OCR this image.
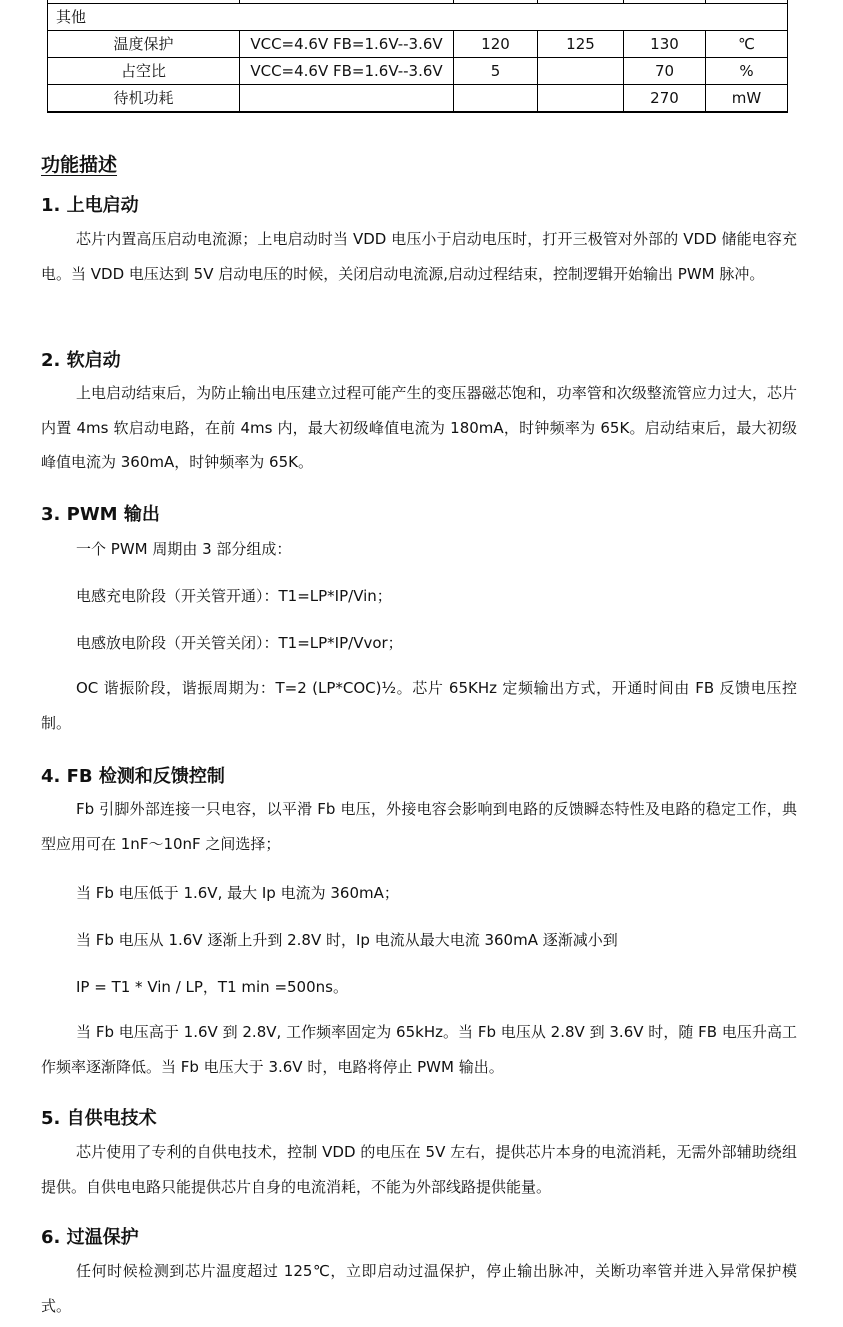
其他					
温度保护	VCC=4.6V FB=1.6V--3.6V	120	125	130	℃
占空比	VCC=4.6V FB=1.6V--3.6V	5		70	%
待机功耗				270	mW
功能描述
1. 上电启动

芯片内置高压启动电流源；上电启动时当 VDD 电压小于启动电压时，打开三极管对外部的 VDD 储能电容充电。当 VDD 电压达到 5V 启动电压的时候，关闭启动电流源,启动过程结束，控制逻辑开始输出 PWM 脉冲。

2. 软启动

上电启动结束后，为防止输出电压建立过程可能产生的变压器磁芯饱和，功率管和次级整流管应力过大，芯片内置 4ms 软启动电路，在前 4ms 内，最大初级峰值电流为 180mA，时钟频率为 65K。启动结束后，最大初级峰值电流为 360mA，时钟频率为 65K。

3. PWM 输出

一个 PWM 周期由 3 部分组成：

电感充电阶段（开关管开通）：T1=LP*IP/Vin；

电感放电阶段（开关管关闭）：T1=LP*IP/Vvor；

OC 谐振阶段，谐振周期为：T=2 (LP*COC)½。芯片 65KHz 定频输出方式，开通时间由 FB 反馈电压控制。

4. FB 检测和反馈控制

Fb 引脚外部连接一只电容，以平滑 Fb 电压，外接电容会影响到电路的反馈瞬态特性及电路的稳定工作，典型应用可在 1nF～10nF 之间选择；

当 Fb 电压低于 1.6V, 最大 Ip 电流为 360mA；

当 Fb 电压从 1.6V 逐渐上升到 2.8V 时，Ip 电流从最大电流 360mA 逐渐减小到

IP = T1 * Vin / LP，T1 min =500ns。

当 Fb 电压高于 1.6V 到 2.8V, 工作频率固定为 65kHz。当 Fb 电压从 2.8V 到 3.6V 时，随 FB 电压升高工作频率逐渐降低。当 Fb 电压大于 3.6V 时，电路将停止 PWM 输出。

5. 自供电技术

芯片使用了专利的自供电技术，控制 VDD 的电压在 5V 左右，提供芯片本身的电流消耗，无需外部辅助绕组提供。自供电电路只能提供芯片自身的电流消耗，不能为外部线路提供能量。

6. 过温保护

任何时候检测到芯片温度超过 125℃，立即启动过温保护，停止输出脉冲，关断功率管并进入异常保护模式。
